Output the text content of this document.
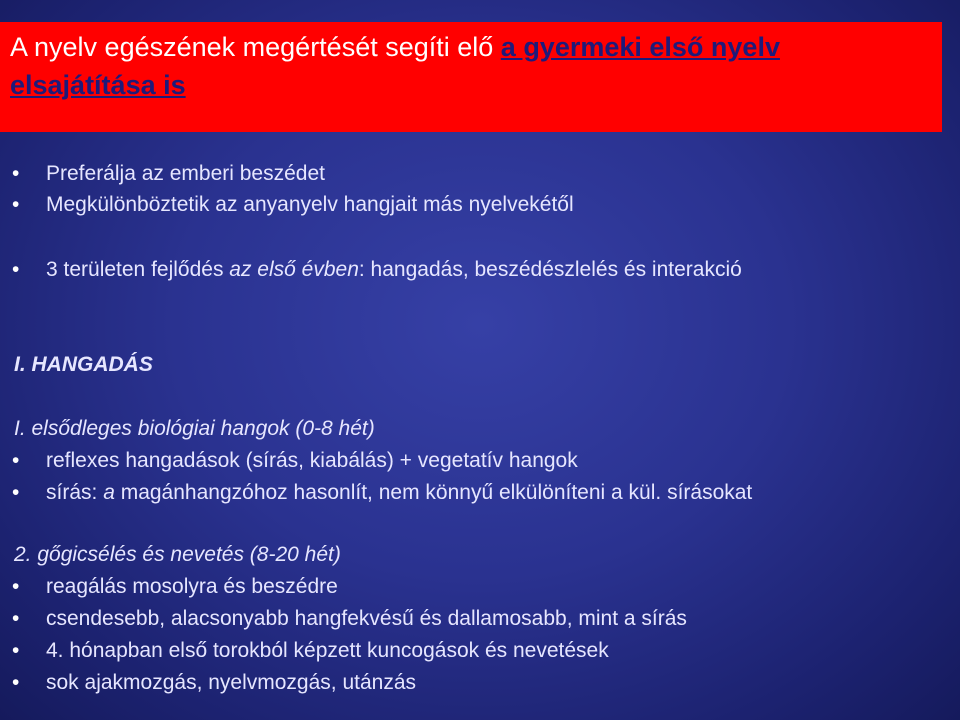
A nyelv egészének megértését segíti elő a gyermeki első nyelv elsajátítása is
• Preferálja az emberi beszédet
• Megkülönböztetik az anyanyelv hangjait más nyelvekétől
• 3 területen fejlődés az első évben: hangadás, beszédészlelés és interakció
I. HANGADÁS
I. elsődleges biológiai hangok (0-8 hét)
• reflexes hangadások (sírás, kiabálás) + vegetatív hangok
• sírás: a magánhangzóhoz hasonlít, nem könnyű elkülöníteni a kül. sírásokat
2. gőgicsélés és nevetés (8-20 hét)
• reagálás mosolyra és beszédre
• csendesebb, alacsonyabb hangfekvésű és dallamosabb, mint a sírás
• 4. hónapban első torokból képzett kuncogások és nevetések
• sok ajakmozgás, nyelvmozgás, utánzás
